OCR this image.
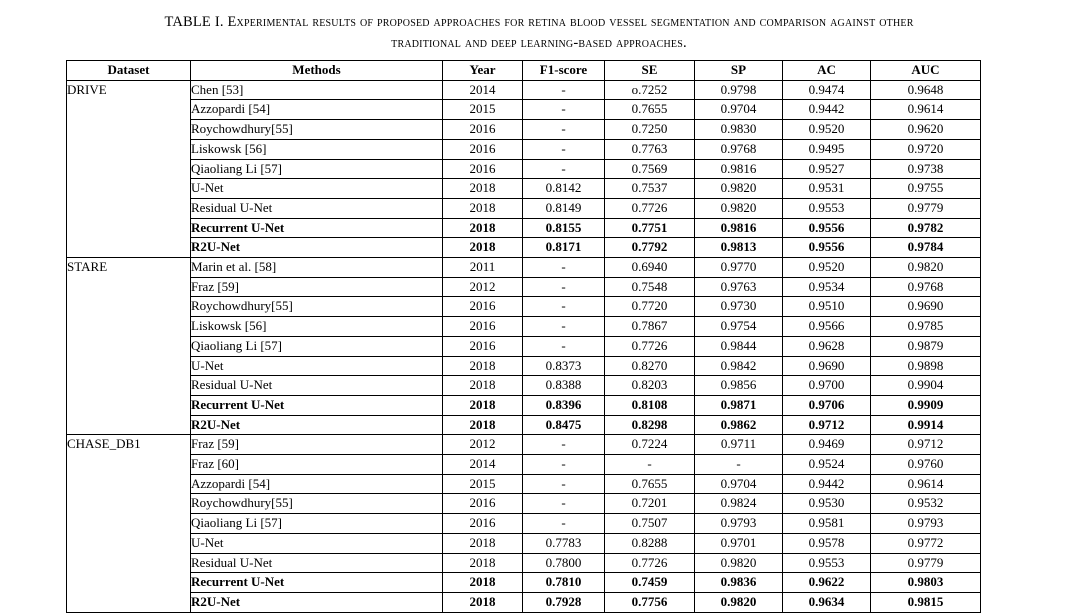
TABLE I. Experimental results of proposed approaches for retina blood vessel segmentation and comparison against other
traditional and deep learning-based approaches.
Dataset	Methods	Year	F1-score	SE	SP	AC	AUC
DRIVE	Chen [53]	2014	-	o.7252	0.9798	0.9474	0.9648
	Azzopardi [54]	2015	-	0.7655	0.9704	0.9442	0.9614
	Roychowdhury[55]	2016	-	0.7250	0.9830	0.9520	0.9620
	Liskowsk [56]	2016	-	0.7763	0.9768	0.9495	0.9720
	Qiaoliang Li [57]	2016	-	0.7569	0.9816	0.9527	0.9738
	U-Net	2018	0.8142	0.7537	0.9820	0.9531	0.9755
	Residual U-Net	2018	0.8149	0.7726	0.9820	0.9553	0.9779
	Recurrent U-Net	2018	0.8155	0.7751	0.9816	0.9556	0.9782
	R2U-Net	2018	0.8171	0.7792	0.9813	0.9556	0.9784
STARE	Marin et al. [58]	2011	-	0.6940	0.9770	0.9520	0.9820
	Fraz [59]	2012	-	0.7548	0.9763	0.9534	0.9768
	Roychowdhury[55]	2016	-	0.7720	0.9730	0.9510	0.9690
	Liskowsk [56]	2016	-	0.7867	0.9754	0.9566	0.9785
	Qiaoliang Li [57]	2016	-	0.7726	0.9844	0.9628	0.9879
	U-Net	2018	0.8373	0.8270	0.9842	0.9690	0.9898
	Residual U-Net	2018	0.8388	0.8203	0.9856	0.9700	0.9904
	Recurrent U-Net	2018	0.8396	0.8108	0.9871	0.9706	0.9909
	R2U-Net	2018	0.8475	0.8298	0.9862	0.9712	0.9914
CHASE_DB1	Fraz [59]	2012	-	0.7224	0.9711	0.9469	0.9712
	Fraz [60]	2014	-	-	-	0.9524	0.9760
	Azzopardi [54]	2015	-	0.7655	0.9704	0.9442	0.9614
	Roychowdhury[55]	2016	-	0.7201	0.9824	0.9530	0.9532
	Qiaoliang Li [57]	2016	-	0.7507	0.9793	0.9581	0.9793
	U-Net	2018	0.7783	0.8288	0.9701	0.9578	0.9772
	Residual U-Net	2018	0.7800	0.7726	0.9820	0.9553	0.9779
	Recurrent U-Net	2018	0.7810	0.7459	0.9836	0.9622	0.9803
	R2U-Net	2018	0.7928	0.7756	0.9820	0.9634	0.9815
